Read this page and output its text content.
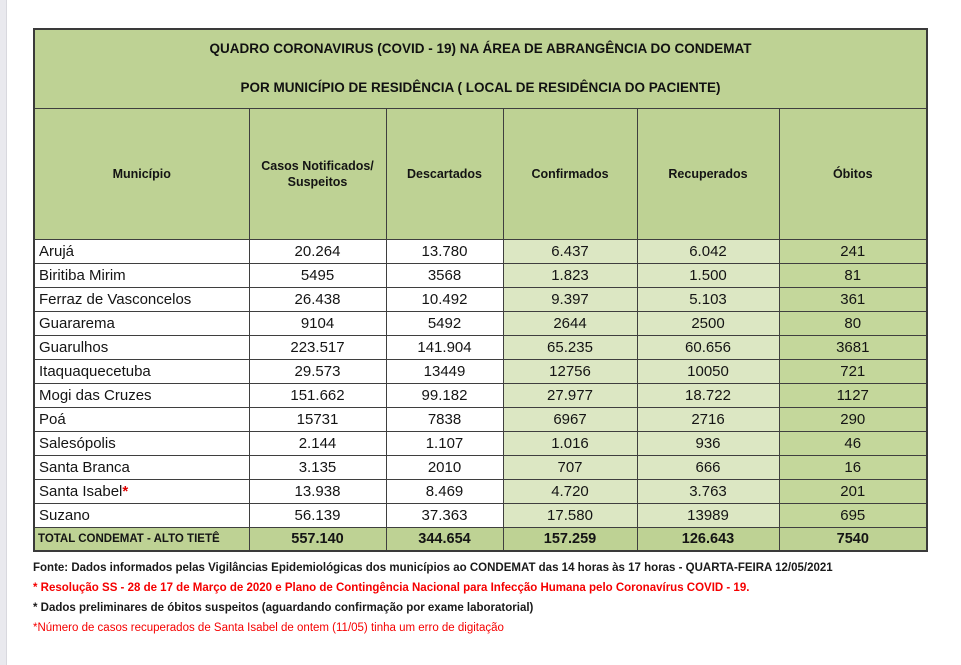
QUADRO CORONAVIRUS (COVID - 19) NA ÁREA DE ABRANGÊNCIA DO CONDEMAT
POR MUNICÍPIO DE RESIDÊNCIA ( LOCAL DE RESIDÊNCIA DO PACIENTE)					

Município	Casos Notificados/ Suspeitos	Descartados	Confirmados	Recuperados	Óbitos
Arujá	20.264	13.780	6.437	6.042	241
Biritiba Mirim	5495	3568	1.823	1.500	81
Ferraz de Vasconcelos	26.438	10.492	9.397	5.103	361
Guararema	9104	5492	2644	2500	80
Guarulhos	223.517	141.904	65.235	60.656	3681
Itaquaquecetuba	29.573	13449	12756	10050	721
Mogi das Cruzes	151.662	99.182	27.977	18.722	1127
Poá	15731	7838	6967	2716	290
Salesópolis	2.144	1.107	1.016	936	46
Santa Branca	3.135	2010	707	666	16
Santa Isabel*	13.938	8.469	4.720	3.763	201
Suzano	56.139	37.363	17.580	13989	695
TOTAL CONDEMAT - ALTO TIETÊ	557.140	344.654	157.259	126.643	7540
Fonte: Dados informados pelas Vigilâncias Epidemiológicas dos municípios ao CONDEMAT das 14 horas às 17 horas - QUARTA-FEIRA 12/05/2021
* Resolução SS - 28 de 17 de Março de 2020 e Plano de Contingência Nacional para Infecção Humana pelo Coronavírus COVID - 19.
* Dados preliminares de óbitos suspeitos (aguardando confirmação por exame laboratorial)
*Número de casos recuperados de Santa Isabel de ontem (11/05) tinha um erro de digitação
